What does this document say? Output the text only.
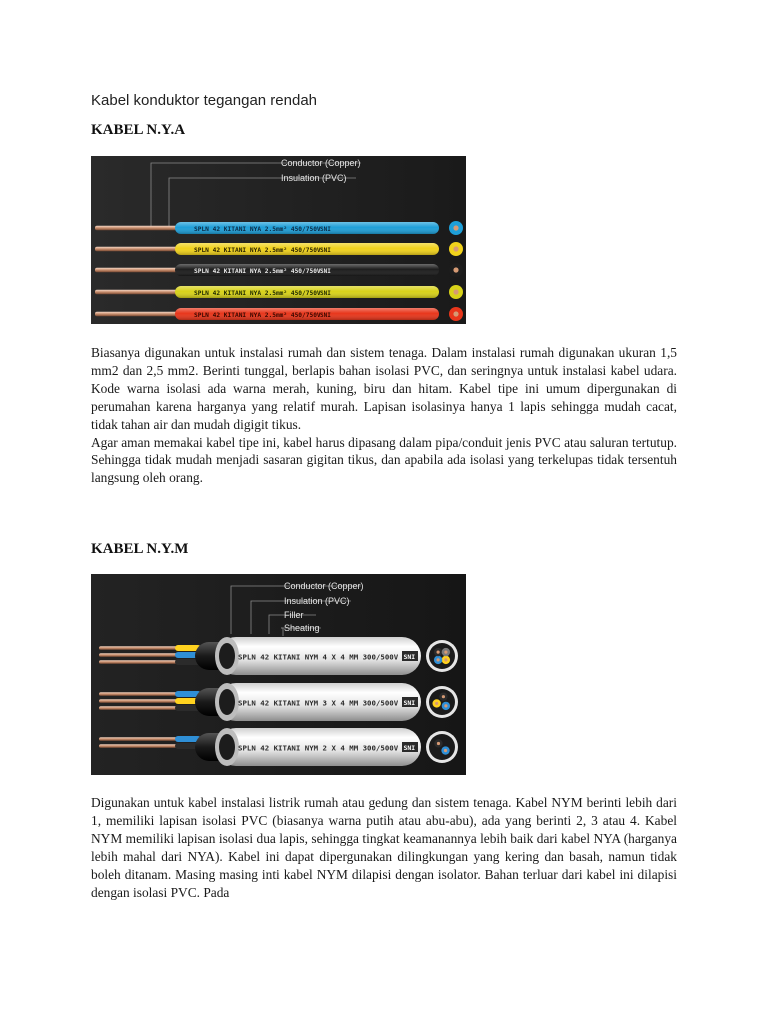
Kabel konduktor tegangan rendah
KABEL N.Y.A
Conductor (Copper)
Insulation (PVC)
SPLN 42 KITANI NYA 2.5mm² 450/750V SNI
SPLN 42 KITANI NYA 2.5mm² 450/750V SNI
SPLN 42 KITANI NYA 2.5mm² 450/750V SNI
SPLN 42 KITANI NYA 2.5mm² 450/750V SNI
SPLN 42 KITANI NYA 2.5mm² 450/750V SNI

Biasanya digunakan untuk instalasi rumah dan sistem tenaga. Dalam instalasi rumah digunakan ukuran 1,5 mm2 dan 2,5 mm2. Berinti tunggal, berlapis bahan isolasi PVC, dan seringnya untuk instalasi kabel udara. Kode warna isolasi ada warna merah, kuning, biru dan hitam. Kabel tipe ini umum dipergunakan di perumahan karena harganya yang relatif murah. Lapisan isolasinya hanya 1 lapis sehingga mudah cacat, tidak tahan air dan mudah digigit tikus.

Agar aman memakai kabel tipe ini, kabel harus dipasang dalam pipa/conduit jenis PVC atau saluran tertutup. Sehingga tidak mudah menjadi sasaran gigitan tikus, dan apabila ada isolasi yang terkelupas tidak tersentuh langsung oleh orang.

KABEL N.Y.M
Conductor (Copper)
Insulation (PVC)
Filler
Sheating
SPLN 42 KITANI NYM 4 X 4 MM 300/500V SNI
SPLN 42 KITANI NYM 3 X 4 MM 300/500V SNI
SPLN 42 KITANI NYM 2 X 4 MM 300/500V SNI

Digunakan untuk kabel instalasi listrik rumah atau gedung dan sistem tenaga. Kabel NYM berinti lebih dari 1, memiliki lapisan isolasi PVC (biasanya warna putih atau abu-abu), ada yang berinti 2, 3 atau 4. Kabel NYM memiliki lapisan isolasi dua lapis, sehingga tingkat keamanannya lebih baik dari kabel NYA (harganya lebih mahal dari NYA). Kabel ini dapat dipergunakan dilingkungan yang kering dan basah, namun tidak boleh ditanam. Masing masing inti kabel NYM dilapisi dengan isolator. Bahan terluar dari kabel ini dilapisi dengan isolasi PVC. Pada
